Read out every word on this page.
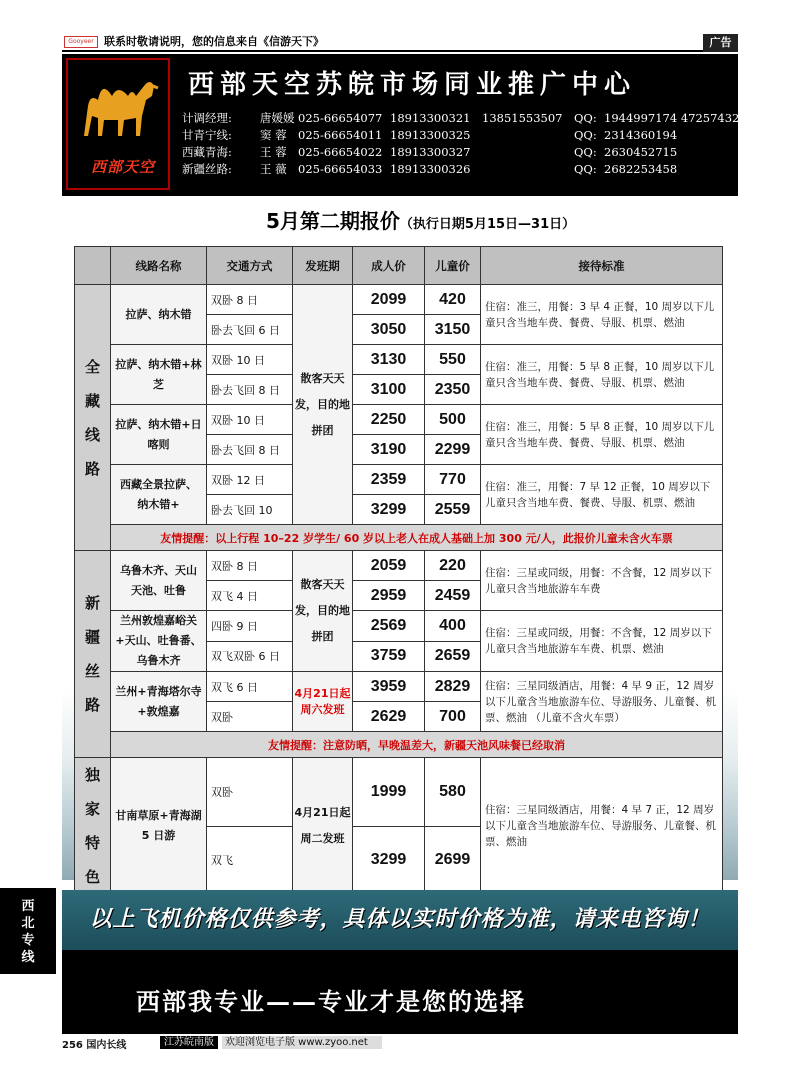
Gooyeer 联系时敬请说明，您的信息来自《信游天下》	广告
西部天空
西部天空苏皖市场同业推广中心
计调经理:	唐媛媛 025-66654077 18913300321	13851553507	QQ: 1944997174 472574328
甘青宁线:	窦 蓉 025-66654011 18913300325	QQ: 2314360194
西藏青海:	王 蓉 025-66654022 18913300327	QQ: 2630452715
新疆丝路:	王 薇 025-66654033 18913300326	QQ: 2682253458
5月第二期报价（执行日期5月15日—31日）
	线路名称	交通方式	发班期	成人价	儿童价	接待标准

全
藏
线
路	拉萨、纳木错	双卧 8 日	散客天天发，目的地拼团	2099	420	住宿：准三，用餐：3 早 4 正餐，10 周岁以下儿童只含当地车费、餐费、导服、机票、燃油
		卧去飞回 6 日		3050	3150	
	拉萨、纳木错+林芝	双卧 10 日		3130	550	住宿：准三，用餐：5 早 8 正餐，10 周岁以下儿童只含当地车费、餐费、导服、机票、燃油
		卧去飞回 8 日		3100	2350	
	拉萨、纳木错+日喀则	双卧 10 日		2250	500	住宿：准三，用餐：5 早 8 正餐，10 周岁以下儿童只含当地车费、餐费、导服、机票、燃油
		卧去飞回 8 日		3190	2299	
	西藏全景拉萨、纳木错+	双卧 12 日		2359	770	住宿：准三，用餐：7 早 12 正餐，10 周岁以下儿童只含当地车费、餐费、导服、机票、燃油
		卧去飞回 10		3299	2559	
	友情提醒：以上行程 10–22 岁学生/ 60 岁以上老人在成人基础上加 300 元/人，此报价儿童未含火车票					

新
疆
丝
路	乌鲁木齐、天山天池、吐鲁	双卧 8 日	散客天天发，目的地拼团	2059	220	住宿：三星或同级，用餐：不含餐，12 周岁以下儿童只含当地旅游车车费
		双飞 4 日		2959	2459	
	兰州敦煌嘉峪关+天山、吐鲁番、乌鲁木齐	四卧 9 日		2569	400	住宿：三星或同级，用餐：不含餐，12 周岁以下儿童只含当地旅游车车费、机票、燃油
		双飞双卧 6 日		3759	2659	
	兰州+青海塔尔寺+敦煌嘉	双飞 6 日	4月21日起周六发班	3959	2829	住宿：三星同级酒店，用餐：4 早 9 正，12 周岁以下儿童含当地旅游车位、导游服务、儿童餐、机票、燃油 （儿童不含火车票）
		双卧		2629	700	
	友情提醒：注意防晒，早晚温差大，新疆天池风味餐已经取消					

独
家
特
色	甘南草原+青海湖 5 日游	双卧	4月21日起周二发班	1999	580	住宿：三星同级酒店，用餐：4 早 7 正，12 周岁以下儿童含当地旅游车位、导游服务、儿童餐、机票、燃油
		双飞		3299	2699	
西
北
专
线
以上飞机价格仅供参考，具体以实时价格为准，请来电咨询！
西部我专业——专业才是您的选择
256 国内长线	江苏皖南版	欢迎浏览电子版 www.zyoo.net
